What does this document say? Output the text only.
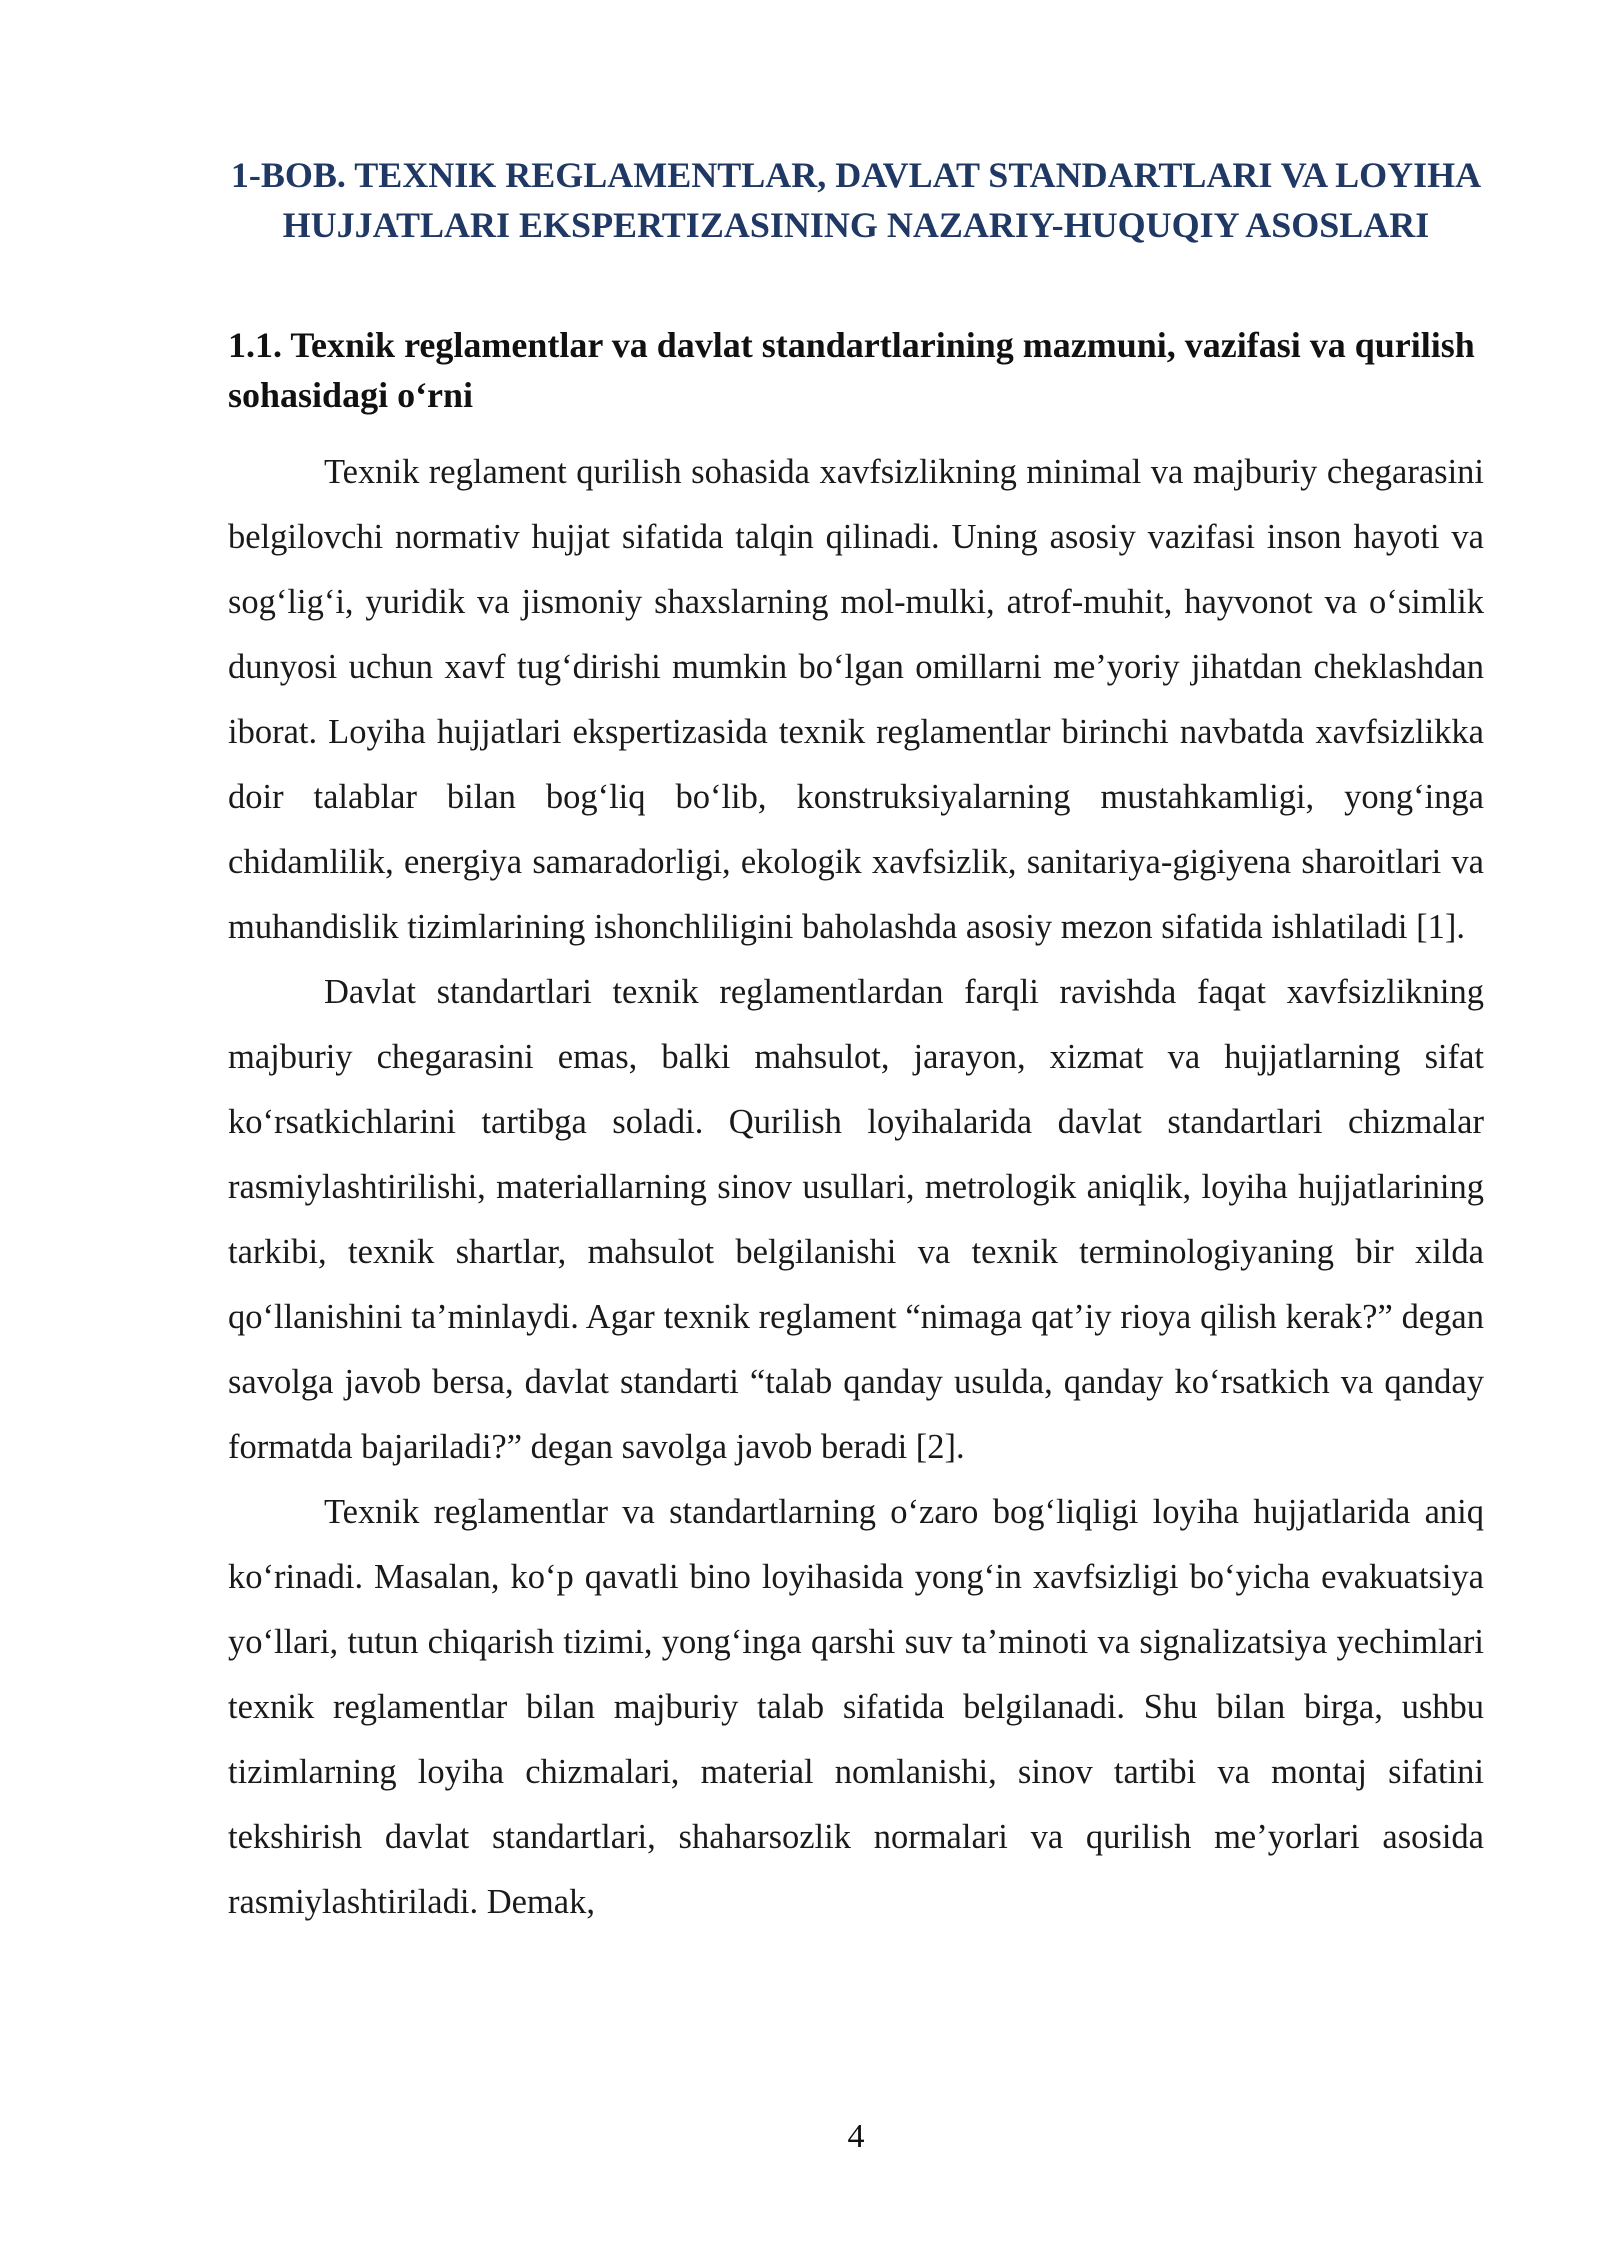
1-BOB. TEXNIK REGLAMENTLAR, DAVLAT STANDARTLARI VA LOYIHA HUJJATLARI EKSPERTIZASINING NAZARIY-HUQUQIY ASOSLARI
1.1. Texnik reglamentlar va davlat standartlarining mazmuni, vazifasi va qurilish sohasidagi o‘rni

Texnik reglament qurilish sohasida xavfsizlikning minimal va majburiy chegarasini belgilovchi normativ hujjat sifatida talqin qilinadi. Uning asosiy vazifasi inson hayoti va sog‘lig‘i, yuridik va jismoniy shaxslarning mol-mulki, atrof-muhit, hayvonot va o‘simlik dunyosi uchun xavf tug‘dirishi mumkin bo‘lgan omillarni me’yoriy jihatdan cheklashdan iborat. Loyiha hujjatlari ekspertizasida texnik reglamentlar birinchi navbatda xavfsizlikka doir talablar bilan bog‘liq bo‘lib, konstruksiyalarning mustahkamligi, yong‘inga chidamlilik, energiya samaradorligi, ekologik xavfsizlik, sanitariya-gigiyena sharoitlari va muhandislik tizimlarining ishonchliligini baholashda asosiy mezon sifatida ishlatiladi [1].

Davlat standartlari texnik reglamentlardan farqli ravishda faqat xavfsizlikning majburiy chegarasini emas, balki mahsulot, jarayon, xizmat va hujjatlarning sifat ko‘rsatkichlarini tartibga soladi. Qurilish loyihalarida davlat standartlari chizmalar rasmiylashtirilishi, materiallarning sinov usullari, metrologik aniqlik, loyiha hujjatlarining tarkibi, texnik shartlar, mahsulot belgilanishi va texnik terminologiyaning bir xilda qo‘llanishini ta’minlaydi. Agar texnik reglament “nimaga qat’iy rioya qilish kerak?” degan savolga javob bersa, davlat standarti “talab qanday usulda, qanday ko‘rsatkich va qanday formatda bajariladi?” degan savolga javob beradi [2].

Texnik reglamentlar va standartlarning o‘zaro bog‘liqligi loyiha hujjatlarida aniq ko‘rinadi. Masalan, ko‘p qavatli bino loyihasida yong‘in xavfsizligi bo‘yicha evakuatsiya yo‘llari, tutun chiqarish tizimi, yong‘inga qarshi suv ta’minoti va signalizatsiya yechimlari texnik reglamentlar bilan majburiy talab sifatida belgilanadi. Shu bilan birga, ushbu tizimlarning loyiha chizmalari, material nomlanishi, sinov tartibi va montaj sifatini tekshirish davlat standartlari, shaharsozlik normalari va qurilish me’yorlari asosida rasmiylashtiriladi. Demak,

4
